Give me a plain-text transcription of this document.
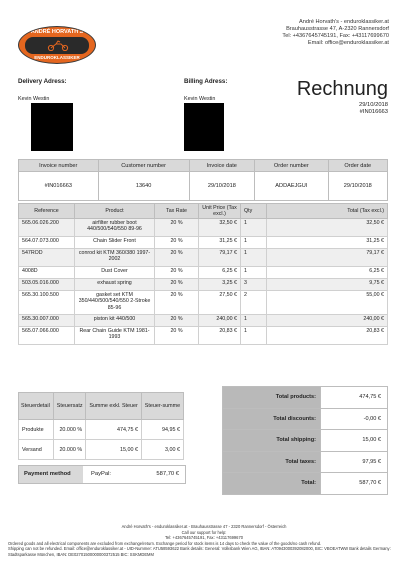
ANDRÉ HORVATH'S
ENDUROKLASSIKER
André Horvath's - enduroklassiker.at
Brauhausstrasse 47, A-2320 Rannersdorf
Tel: +4367645745191, Fax: +43117699670
Email: office@enduroklassiker.at
Delivery Adress:
Kevin Westin
Billing Adress:
Kevin Westin	Rechnung
29/10/2018
#IN016663
Invoice number	Customer number	Invoice date	Order number	Order date
#IN016663	13640	29/10/2018	ADDAEJGUI	29/10/2018
Reference	Product	Tax Rate	Unit Price (Tax excl.)	Qty	Total (Tax excl.)
565.06.026.200	airfilter rubber boot 440/500/540/550 89-96	20 %	32,50 €	1	32,50 €
564.07.073.000	Chain Slider Front	20 %	31,25 €	1	31,25 €
547ROD	conrod kit KTM 360/380 1997-2002	20 %	79,17 €	1	79,17 €
4008D	Dust Cover	20 %	6,25 €	1	6,25 €
503.05.016.000	exhaust spring	20 %	3,25 €	3	9,75 €
565.30.100.500	gasket set KTM 350/440/500/540/550 2-Stroke 85-96	20 %	27,50 €	2	55,00 €
565.30.007.000	piston kit 440/500	20 %	240,00 €	1	240,00 €
565.07.066.000	Rear Chain Guide KTM 1981-1993	20 %	20,83 €	1	20,83 €
Steuerdetail	Steuersatz	Summe exkl. Steuer	Steuer-summe
Produkte	20.000 %	474,75 €	94,95 €
Versand	20.000 %	15,00 €	3,00 €
Total products:	474,75 €
Total discounts:	-0,00 €
Total shipping:	15,00 €
Total taxes:	97,95 €
Total:	587,70 €
Payment method	PayPal:	587,70 €
André Horvath's - enduroklassiker.at - Brauhausstrasse 47 - 2320 Rannersdorf - Österreich
Call our support for help:
Tel: +4367645745191, Fax: +43117699670
Ordered goods and all electrical components are excluded from exchange/return. Exchange period for stock items is 14 days to check the value of the goods/no cash refund.
Shipping can not be refunded. Email: office@enduroklassiker.at - UID-Nummer: ATU58593622 Bank details: General: Volksbank Wien AG, IBAN: AT0943000392082000, BIC: VBOEATWW Bank details Germany: Stadtsparkasse München, IBAN: DE02701500000000372515 BIC: SSKMDEMM
